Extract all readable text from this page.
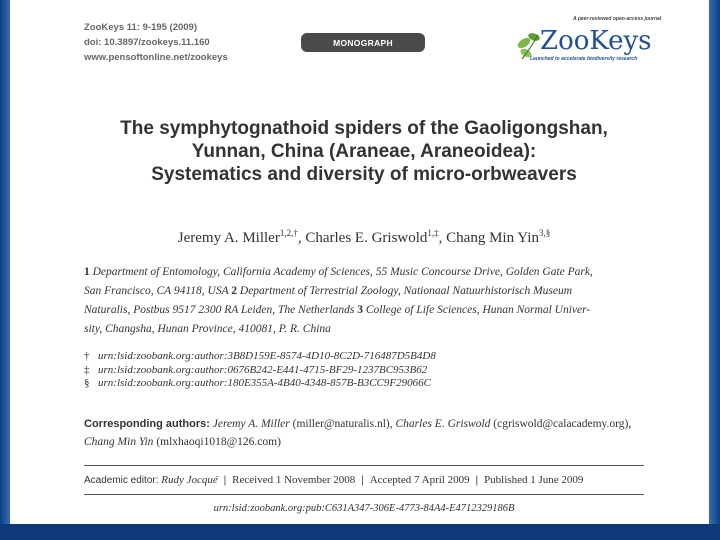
ZooKeys 11: 9-195 (2009)
doi: 10.3897/zookeys.11.160
www.pensoftonline.net/zookeys
MONOGRAPH
A peer-reviewed open-access journal
ZooKeys
Launched to accelerate biodiversity research
The symphytognathoid spiders of the Gaoligongshan,
Yunnan, China (Araneae, Araneoidea):
Systematics and diversity of micro-orbweavers
Jeremy A. Miller$^{1,2,\dagger}$, Charles E. Griswold$^{1,\ddagger}$, Chang Min Yin$^{3,\S}$
1 Department of Entomology, California Academy of Sciences, 55 Music Concourse Drive, Golden Gate Park,
San Francisco, CA 94118, USA 2 Department of Terrestrial Zoology, Nationaal Natuurhistorisch Museum
Naturalis, Postbus 9517 2300 RA Leiden, The Netherlands 3 College of Life Sciences, Hunan Normal Univer-
sity, Changsha, Hunan Province, 410081, P. R. China
† urn:lsid:zoobank.org:author:3B8D159E-8574-4D10-8C2D-716487D5B4D8
‡ urn:lsid:zoobank.org:author:0676B242-E441-4715-BF29-1237BC953B62
§ urn:lsid:zoobank.org:author:180E355A-4B40-4348-857B-B3CC9F29066C
Corresponding authors: Jeremy A. Miller (miller@naturalis.nl), Charles E. Griswold (cgriswold@calacademy.org),
Chang Min Yin (mlxhaoqi1018@126.com)
Academic editor: Rudy Jocqué | Received 1 November 2008 | Accepted 7 April 2009 | Published 1 June 2009
urn:lsid:zoobank.org:pub:C631A347-306E-4773-84A4-E4712329186B
